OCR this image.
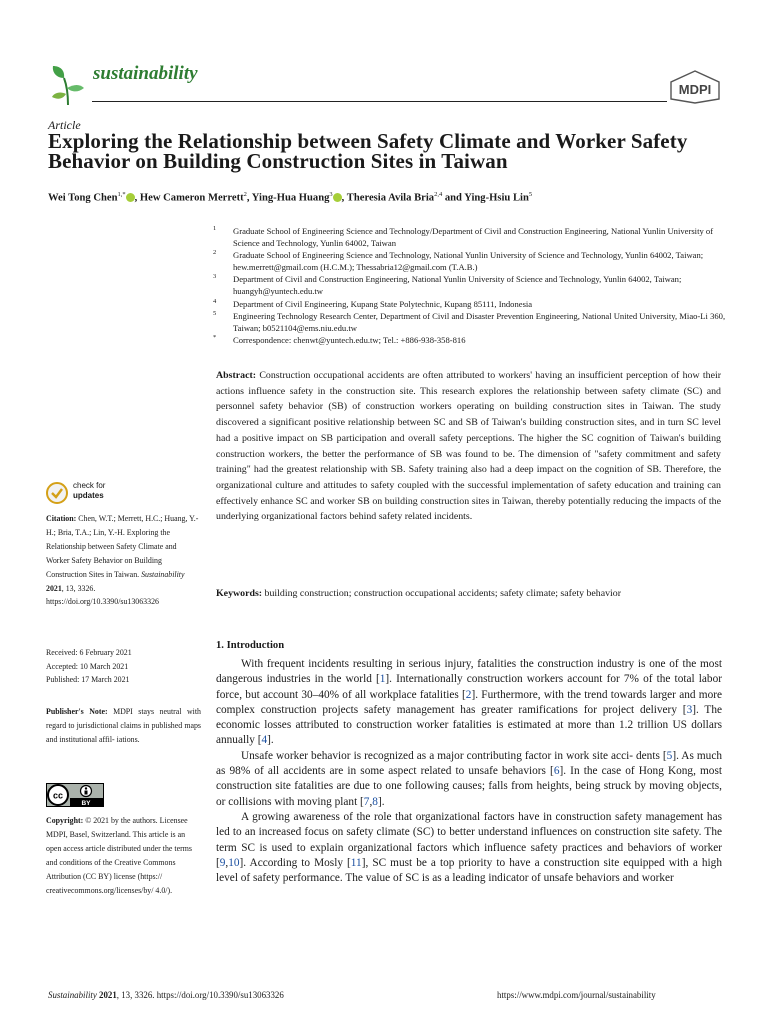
sustainability
MDPI
Article
Exploring the Relationship between Safety Climate and Worker Safety Behavior on Building Construction Sites in Taiwan
Wei Tong Chen$^{1,*}$ , Hew Cameron Merrett$^2$, Ying-Hua Huang$^3$ , Theresia Avila Bria$^{2,4}$ and Ying-Hsiu Lin$^5$
1 Graduate School of Engineering Science and Technology/Department of Civil and Construction Engineering, National Yunlin University of Science and Technology, Yunlin 64002, Taiwan
2 Graduate School of Engineering Science and Technology, National Yunlin University of Science and Technology, Yunlin 64002, Taiwan; hew.merrett@gmail.com (H.C.M.); Thessabria12@gmail.com (T.A.B.)
3 Department of Civil and Construction Engineering, National Yunlin University of Science and Technology, Yunlin 64002, Taiwan; huangyh@yuntech.edu.tw
4 Department of Civil Engineering, Kupang State Polytechnic, Kupang 85111, Indonesia
5 Engineering Technology Research Center, Department of Civil and Disaster Prevention Engineering, National United University, Miao-Li 360, Taiwan; b0521104@ems.niu.edu.tw
* Correspondence: chenwt@yuntech.edu.tw; Tel.: +886-938-358-816
Abstract: Construction occupational accidents are often attributed to workers' having an insufficient perception of how their actions influence safety in the construction site. This research explores the relationship between safety climate (SC) and personnel safety behavior (SB) of construction workers operating on building construction sites in Taiwan. The study discovered a significant positive relationship between SC and SB of Taiwan's building construction sites, and in turn SC level had a positive impact on SB participation and overall safety perceptions. The higher the SC cognition of Taiwan's building construction workers, the better the performance of SB was found to be. The dimension of "safety commitment and safety training" had the greatest relationship with SB. Safety training also had a deep impact on the cognition of SB. Therefore, the organizational culture and attitudes to safety coupled with the successful implementation of safety education and training can effectively enhance SC and worker SB on building construction sites in Taiwan, thereby potentially reducing the impacts of the underlying organizational factors behind safety related incidents.
Keywords: building construction; construction occupational accidents; safety climate; safety behavior
check for
updates
Citation: Chen, W.T.; Merrett, H.C.; Huang, Y.-H.; Bria, T.A.; Lin, Y.-H. Exploring the Relationship between Safety Climate and Worker Safety Behavior on Building Construction Sites in Taiwan. Sustainability 2021, 13, 3326. https://doi.org/10.3390/su13063326
Received: 6 February 2021
Accepted: 10 March 2021
Published: 17 March 2021
Publisher's Note: MDPI stays neutral with regard to jurisdictional claims in published maps and institutional affil- iations.
cc
BY
Copyright: © 2021 by the authors. Licensee MDPI, Basel, Switzerland. This article is an open access article distributed under the terms and conditions of the Creative Commons Attribution (CC BY) license (https:// creativecommons.org/licenses/by/ 4.0/).
1. Introduction

With frequent incidents resulting in serious injury, fatalities the construction industry is one of the most dangerous industries in the world [1]. Internationally construction workers account for 7% of the total labor force, but account 30–40% of all workplace fatalities [2]. Furthermore, with the trend towards larger and more complex construction projects safety management has greater ramifications for project delivery [3]. The economic losses attributed to construction worker fatalities is estimated at more than 1.2 trillion US dollars annually [4].

Unsafe worker behavior is recognized as a major contributing factor in work site acci- dents [5]. As much as 98% of all accidents are in some aspect related to unsafe behaviors [6]. In the case of Hong Kong, most construction site fatalities are due to one following causes; falls from heights, being struck by moving objects, or collisions with moving plant [7,8].

A growing awareness of the role that organizational factors have in construction safety management has led to an increased focus on safety climate (SC) to better understand influences on construction site safety. The term SC is used to explain organizational factors which influence safety practices and behaviors of worker [9,10]. According to Mosly [11], SC must be a top priority to have a construction site equipped with a high level of safety performance. The value of SC is as a leading indicator of unsafe behaviors and worker

Sustainability 2021, 13, 3326. https://doi.org/10.3390/su13063326	https://www.mdpi.com/journal/sustainability
